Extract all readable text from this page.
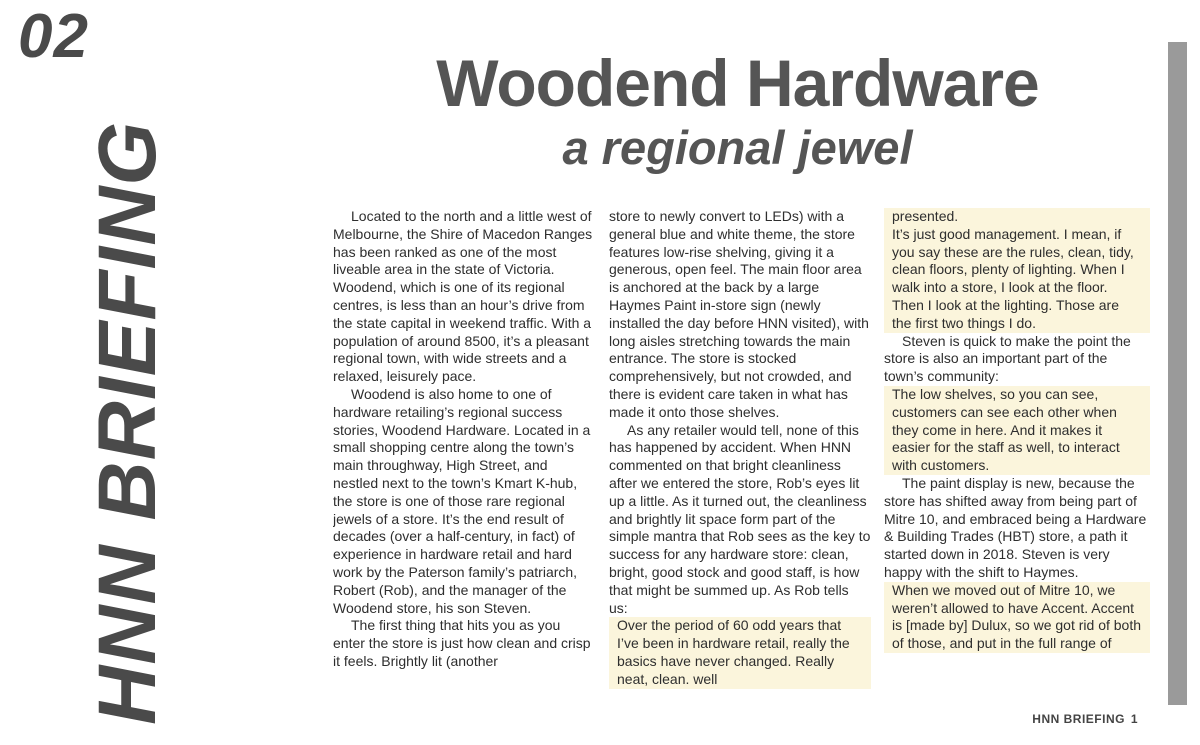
02
HNN BRIEFING
Woodend Hardware
a regional jewel

Located to the north and a little west of Melbourne, the Shire of Macedon Ranges has been ranked as one of the most liveable area in the state of Victoria. Woodend, which is one of its regional centres, is less than an hour’s drive from the state capital in weekend traffic. With a population of around 8500, it’s a pleasant regional town, with wide streets and a relaxed, leisurely pace.

Woodend is also home to one of hardware retailing’s regional success stories, Woodend Hardware. Located in a small shopping centre along the town’s main throughway, High Street, and nestled next to the town’s Kmart K-hub, the store is one of those rare regional jewels of a store. It’s the end result of decades (over a half-century, in fact) of experience in hardware retail and hard work by the Paterson family’s patriarch, Robert (Rob), and the manager of the Woodend store, his son Steven.

The first thing that hits you as you enter the store is just how clean and crisp it feels. Brightly lit (another

store to newly convert to LEDs) with a general blue and white theme, the store features low-rise shelving, giving it a generous, open feel. The main floor area is anchored at the back by a large Haymes Paint in-store sign (newly installed the day before HNN visited), with long aisles stretching towards the main entrance. The store is stocked comprehensively, but not crowded, and there is evident care taken in what has made it onto those shelves.

As any retailer would tell, none of this has happened by accident. When HNN commented on that bright cleanliness after we entered the store, Rob’s eyes lit up a little. As it turned out, the cleanliness and brightly lit space form part of the simple mantra that Rob sees as the key to success for any hardware store: clean, bright, good stock and good staff, is how that might be summed up. As Rob tells us:

Over the period of 60 odd years that I’ve been in hardware retail, really the basics have never changed. Really neat, clean. well

presented.

It’s just good management. I mean, if you say these are the rules, clean, tidy, clean floors, plenty of lighting. When I walk into a store, I look at the floor. Then I look at the lighting. Those are the first two things I do.

Steven is quick to make the point the store is also an important part of the town’s community:

The low shelves, so you can see, customers can see each other when they come in here. And it makes it easier for the staff as well, to interact with customers.

The paint display is new, because the store has shifted away from being part of Mitre 10, and embraced being a Hardware & Building Trades (HBT) store, a path it started down in 2018. Steven is very happy with the shift to Haymes.

When we moved out of Mitre 10, we weren’t allowed to have Accent. Accent is [made by] Dulux, so we got rid of both of those, and put in the full range of

HNN BRIEFING 1
